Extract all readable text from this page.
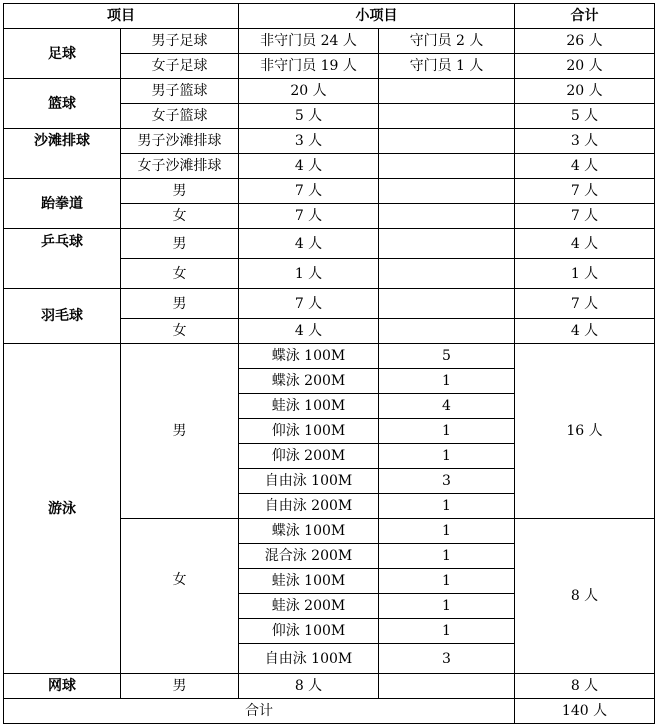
项目		小项目		合计
足球	男子足球	非守门员 24 人	守门员 2 人	26 人
	女子足球	非守门员 19 人	守门员 1 人	20 人
篮球	男子篮球	20 人		20 人
	女子篮球	5 人		5 人
沙滩排球	男子沙滩排球	3 人		3 人
	女子沙滩排球	4 人		4 人
跆拳道	男	7 人		7 人
	女	7 人		7 人
乒乓球	男	4 人		4 人
	女	1 人		1 人
羽毛球	男	7 人		7 人
	女	4 人		4 人
游泳	男	蝶泳 100M	5	16 人
		蝶泳 200M	1	
		蛙泳 100M	4	
		仰泳 100M	1	
		仰泳 200M	1	
		自由泳 100M	3	
		自由泳 200M	1	
	女	蝶泳 100M	1	8 人
		混合泳 200M	1	
		蛙泳 100M	1	
		蛙泳 200M	1	
		仰泳 100M	1	
		自由泳 100M	3	
网球	男	8 人		8 人
合计				140 人
